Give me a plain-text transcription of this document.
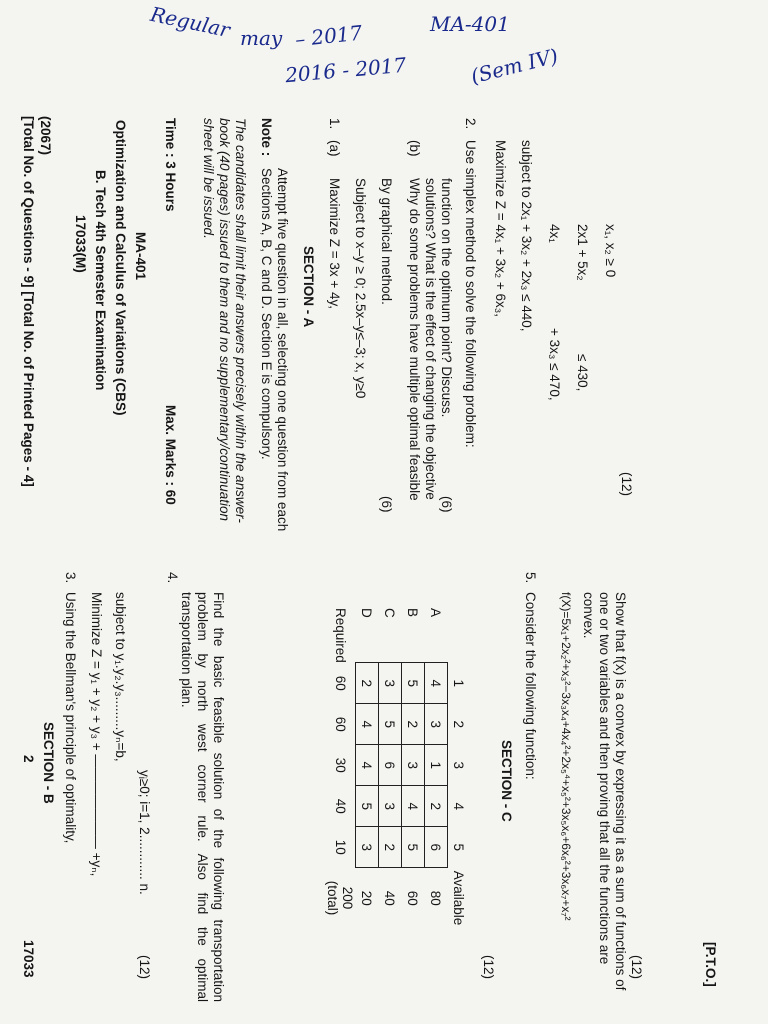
Regular may – 2017	MA-401
2016 - 2017	(Sem IV)
[Total No. of Questions - 9] [Total No. of Printed Pages - 4] (2067)
17033(M) B. Tech 4th Semester Examination Optimization and Calculus of Variations (CBS) MA-401
Time : 3 Hours
Max. Marks : 60	The candidates shall limit their answers precisely within the answer-book (40 pages) issued to them and no supplementary/continuation sheet will be issued.	Note :
Attempt five question in all, selecting one question from each Sections A, B, C and D. Section E is compulsory.	SECTION - A
1.
(a)
Maximize Z = 3x + 4y, Subject to x–y ≥ 0; 2.5x–y≤–3; x, y≥0 By graphical method.
(6)
(b)
Why do some problems have multiple optimal feasible solutions? What is the effect of changing the objective function on the optimum point? Discuss.
(6)
2.
Use simplex method to solve the following problem: Maximize Z = 4x₁ + 3x₂ + 6x₃, subject to 2x₁ + 3x₂ + 2x₃ ≤ 440, 4x₁
+ 3x₃ ≤ 470,
2x1 + 5x₂
≤ 430,
x₁, x₂ ≥ 0
(12)
2
17033
SECTION - B
3.
Using the Bellman's principle of optimality, Minimize Z = y₁ + y₂ + y₃ + ——————— +yₙ, subject to y₁.y₂.y₃.........yₙ=b,
yᵢ≥0; i=1, 2............ n.
(12)
4.
Find the basic feasible solution of the following transportation problem by north west corner rule. Also find the optimal transportation plan.
		1	2	3	4	5	Available
A	4	3	1	2	6	80
B	5	2	3	4	5	60
C	3	5	6	3	2	40
D	2	4	4	5	3	20
Required	60	60	30	40	10	200 (total)
(12)
SECTION - C
5.
Consider the following function: f(X)=5x₁+2x₂²+x₃²−3x₃x₄+4x₄²+2x₅⁴+x₅²+3x₅x₆+6x₆²+3x₆x₇+x₇²	Show that f(x) is a convex by expressing it as a sum of functions of one or two variables and then proving that all the functions are convex.
(12)	[P.T.O.]
